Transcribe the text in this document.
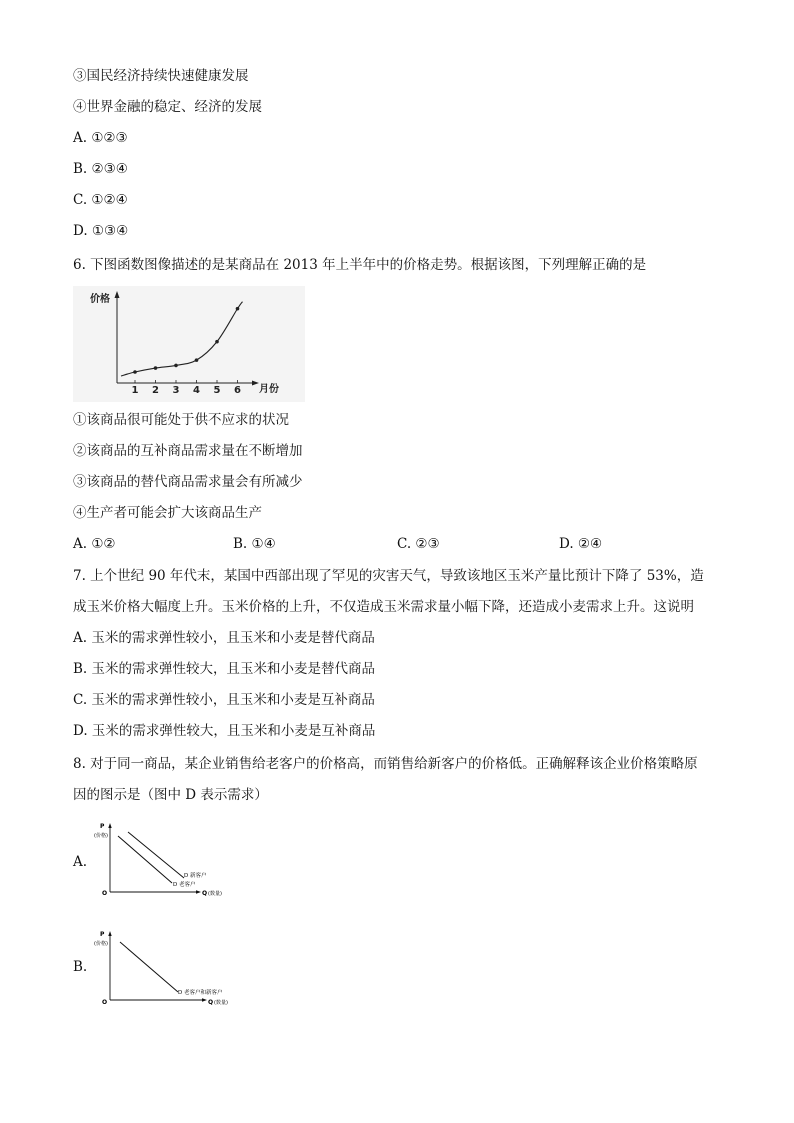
③国民经济持续快速健康发展
④世界金融的稳定、经济的发展
A. ①②③
B. ②③④
C. ①②④
D. ①③④
6. 下图函数图像描述的是某商品在 2013 年上半年中的价格走势。根据该图，下列理解正确的是
价格
月份
1 2 3 4 5 6
①该商品很可能处于供不应求的状况
②该商品的互补商品需求量在不断增加
③该商品的替代商品需求量会有所减少
④生产者可能会扩大该商品生产
A. ①②	B. ①④	C. ②③	D. ②④
7. 上个世纪 90 年代末，某国中西部出现了罕见的灾害天气，导致该地区玉米产量比预计下降了 53%，造
成玉米价格大幅度上升。玉米价格的上升，不仅造成玉米需求量小幅下降，还造成小麦需求上升。这说明
A. 玉米的需求弹性较小，且玉米和小麦是替代商品
B. 玉米的需求弹性较大，且玉米和小麦是替代商品
C. 玉米的需求弹性较小，且玉米和小麦是互补商品
D. 玉米的需求弹性较大，且玉米和小麦是互补商品
8. 对于同一商品，某企业销售给老客户的价格高，而销售给新客户的价格低。正确解释该企业价格策略原
因的图示是（图中 D 表示需求）
A.
P
(价格)
O	Q (数量)
D 新客户
D 老客户
B.
P
(价格)
O	Q (数量)
D 老客户和新客户
